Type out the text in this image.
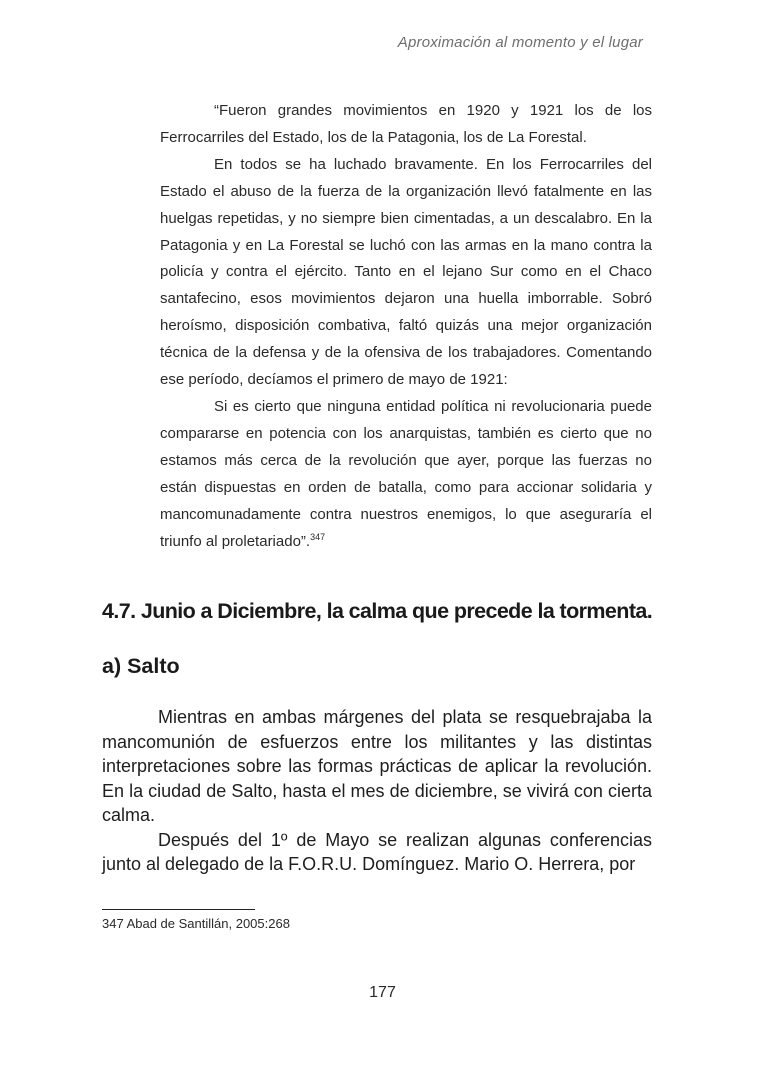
Aproximación al momento y el lugar

“Fueron grandes movimientos en 1920 y 1921 los de los Ferrocarriles del Estado, los de la Patagonia, los de La Forestal.

En todos se ha luchado bravamente. En los Ferrocarriles del Estado el abuso de la fuerza de la organización llevó fatalmente en las huelgas repetidas, y no siempre bien cimentadas, a un descalabro. En la Patagonia y en La Forestal se luchó con las armas en la mano contra la policía y contra el ejército. Tanto en el lejano Sur como en el Chaco santafecino, esos movimientos dejaron una huella imborrable. Sobró heroísmo, disposición combativa, faltó quizás una mejor organización técnica de la defensa y de la ofensiva de los trabajadores. Comentando ese período, decíamos el primero de mayo de 1921:

Si es cierto que ninguna entidad política ni revolucionaria puede compararse en potencia con los anarquistas, también es cierto que no estamos más cerca de la revolución que ayer, porque las fuerzas no están dispuestas en orden de batalla, como para accionar solidaria y mancomunadamente contra nuestros enemigos, lo que aseguraría el triunfo al proletariado”.$^{347}$

4.7. Junio a Diciembre, la calma que precede la tormenta.
a) Salto

Mientras en ambas márgenes del plata se resquebrajaba la mancomunión de esfuerzos entre los militantes y las distintas interpretaciones sobre las formas prácticas de aplicar la revolución. En la ciudad de Salto, hasta el mes de diciembre, se vivirá con cierta calma.

Después del 1º de Mayo se realizan algunas conferencias junto al delegado de la F.O.R.U. Domínguez. Mario O. Herrera, por

347 Abad de Santillán, 2005:268
177
